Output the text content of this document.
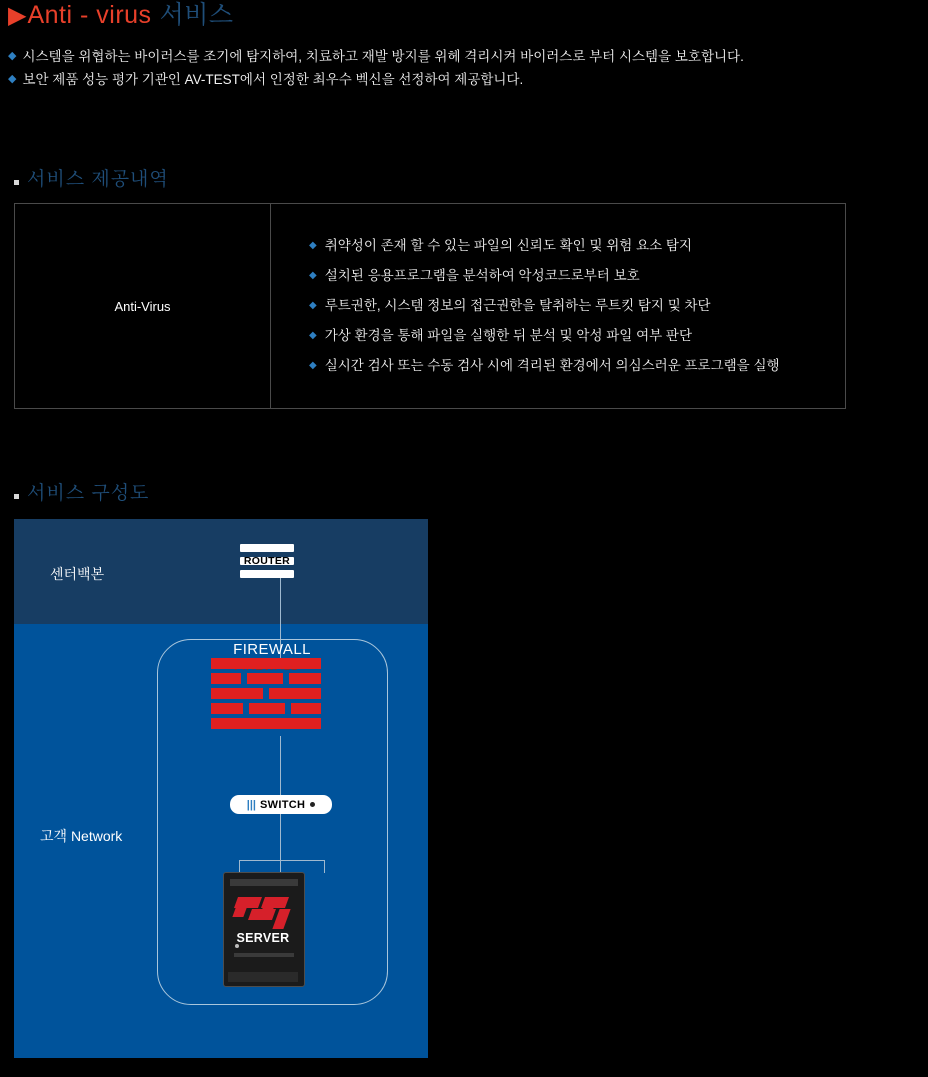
▶ Anti - virus 서비스
◆ 시스템을 위협하는 바이러스를 조기에 탐지하여, 치료하고 재발 방지를 위헤 격리시켜 바이러스로 부터 시스템을 보호합니다.
◆ 보안 제품 성능 평가 기관인 AV-TEST에서 인정한 최우수 벡신을 선정하여 제공합니다.
서비스 제공내역
Anti-Virus
◆ 취약성이 존재 할 수 있는 파일의 신뢰도 확인 및 위험 요소 탐지
◆ 설치된 응용프로그램을 분석하여 악성코드로부터 보호
◆ 루트권한, 시스템 정보의 접근권한을 탈취하는 루트킷 탐지 및 차단
◆ 가상 환경을 통해 파일을 실행한 뒤 분석 및 악성 파일 여부 판단
◆ 실시간 검사 또는 수동 검사 시에 격리된 환경에서 의심스러운 프로그램을 실행
서비스 구성도
센터백본
고객 Network
ROUTER
FIREWALL
||| SWITCH
SERVER
